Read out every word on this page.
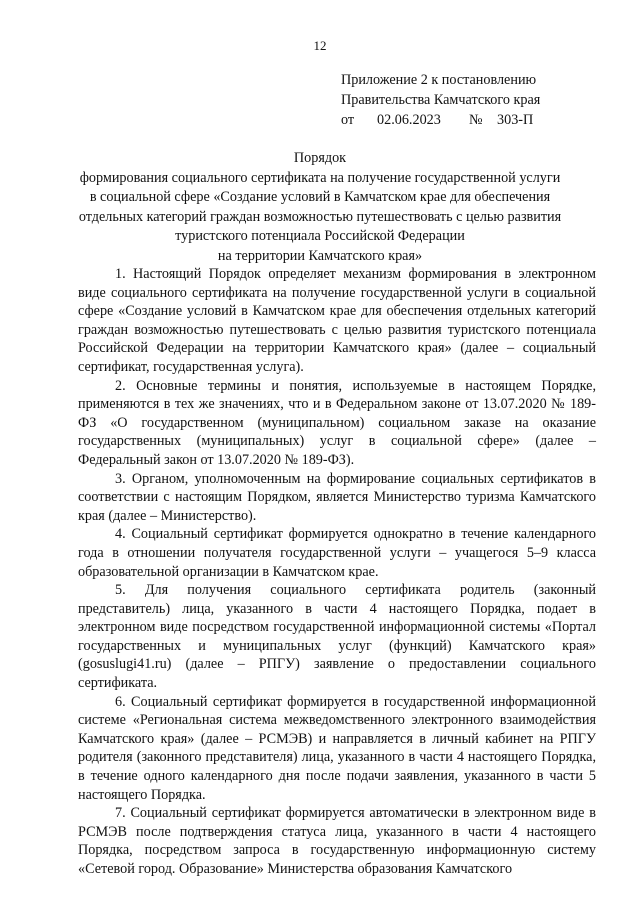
12
Приложение 2 к постановлению
Правительства Камчатского края
от 02.06.2023 № 303-П
Порядок
формирования социального сертификата на получение государственной услуги
в социальной сфере «Создание условий в Камчатском крае для обеспечения
отдельных категорий граждан возможностью путешествовать с целью развития
туристского потенциала Российской Федерации
на территории Камчатского края»

1. Настоящий Порядок определяет механизм формирования в электронном виде социального сертификата на получение государственной услуги в социальной сфере «Создание условий в Камчатском крае для обеспечения отдельных категорий граждан возможностью путешествовать с целью развития туристского потенциала Российской Федерации на территории Камчатского края» (далее – социальный сертификат, государственная услуга).

2. Основные термины и понятия, используемые в настоящем Порядке, применяются в тех же значениях, что и в Федеральном законе от 13.07.2020 № 189-ФЗ «О государственном (муниципальном) социальном заказе на оказание государственных (муниципальных) услуг в социальной сфере» (далее – Федеральный закон от 13.07.2020 № 189-ФЗ).

3. Органом, уполномоченным на формирование социальных сертификатов в соответствии с настоящим Порядком, является Министерство туризма Камчатского края (далее – Министерство).

4. Социальный сертификат формируется однократно в течение календарного года в отношении получателя государственной услуги – учащегося 5–9 класса образовательной организации в Камчатском крае.

5. Для получения социального сертификата родитель (законный представитель) лица, указанного в части 4 настоящего Порядка, подает в электронном виде посредством государственной информационной системы «Портал государственных и муниципальных услуг (функций) Камчатского края» (gosuslugi41.ru) (далее – РПГУ) заявление о предоставлении социального сертификата.

6. Социальный сертификат формируется в государственной информационной системе «Региональная система межведомственного электронного взаимодействия Камчатского края» (далее – РСМЭВ) и направляется в личный кабинет на РПГУ родителя (законного представителя) лица, указанного в части 4 настоящего Порядка, в течение одного календарного дня после подачи заявления, указанного в части 5 настоящего Порядка.

7. Социальный сертификат формируется автоматически в электронном виде в РСМЭВ после подтверждения статуса лица, указанного в части 4 настоящего Порядка, посредством запроса в государственную информационную систему «Сетевой город. Образование» Министерства образования Камчатского
